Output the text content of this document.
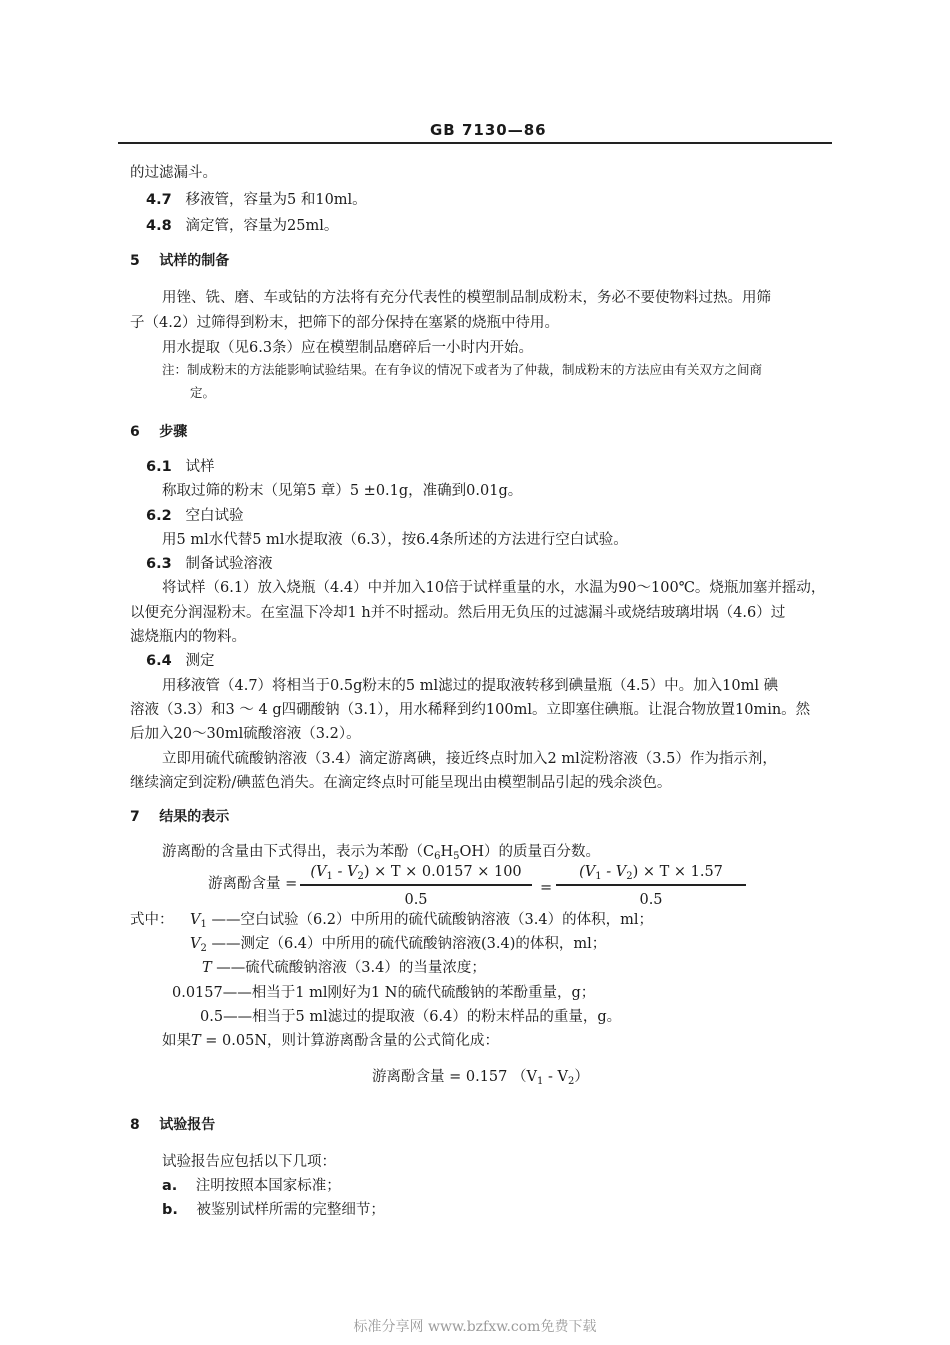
GB 7130—86
的过滤漏斗。
4.7 移液管，容量为5 和10ml。
4.8 滴定管，容量为25ml。
5 试样的制备
用锉、铣、磨、车或钻的方法将有充分代表性的模塑制品制成粉末，务必不要使物料过热。用筛
子（4.2）过筛得到粉末，把筛下的部分保持在塞紧的烧瓶中待用。
用水提取（见6.3条）应在模塑制品磨碎后一小时内开始。
注：制成粉末的方法能影响试验结果。在有争议的情况下或者为了仲裁，制成粉末的方法应由有关双方之间商
定。
6 步骤
6.1 试样
称取过筛的粉末（见第5 章）5 ±0.1g，准确到0.01g。
6.2 空白试验
用5 ml水代替5 ml水提取液（6.3），按6.4条所述的方法进行空白试验。
6.3 制备试验溶液
将试样（6.1）放入烧瓶（4.4）中并加入10倍于试样重量的水，水温为90～100℃。烧瓶加塞并摇动，
以便充分润湿粉末。在室温下冷却1 h并不时摇动。然后用无负压的过滤漏斗或烧结玻璃坩埚（4.6）过
滤烧瓶内的物料。
6.4 测定
用移液管（4.7）将相当于0.5g粉末的5 ml滤过的提取液转移到碘量瓶（4.5）中。加入10ml 碘
溶液（3.3）和3 ～ 4 g四硼酸钠（3.1），用水稀释到约100ml。立即塞住碘瓶。让混合物放置10min。然
后加入20～30ml硫酸溶液（3.2）。
立即用硫代硫酸钠溶液（3.4）滴定游离碘，接近终点时加入2 ml淀粉溶液（3.5）作为指示剂，
继续滴定到淀粉/碘蓝色消失。在滴定终点时可能呈现出由模塑制品引起的残余淡色。
7 结果的表示
游离酚的含量由下式得出，表示为苯酚$(C_6H_5OH)$的质量百分数。
游离酚含量 =
$(V_1 - V_2) \times T \times 0.0157 \times 100$
0.5
=
$(V_1 - V_2) \times T \times 1.57$
0.5
式中： $V_1$ ——空白试验（6.2）中所用的硫代硫酸钠溶液（3.4）的体积，ml；
$V_2$ ——测定（6.4）中所用的硫代硫酸钠溶液(3.4)的体积，ml；
T ——硫代硫酸钠溶液（3.4）的当量浓度；
0.0157——相当于1 ml刚好为1 N的硫代硫酸钠的苯酚重量，g；
0.5——相当于5 ml滤过的提取液（6.4）的粉末样品的重量，g。
如果T = 0.05N，则计算游离酚含量的公式简化成：
游离酚含量 = 0.157 $(V_1 - V_2)$
8 试验报告
试验报告应包括以下几项：
a. 注明按照本国家标准；
b. 被鉴别试样所需的完整细节；
标准分享网 www.bzfxw.com免费下载
